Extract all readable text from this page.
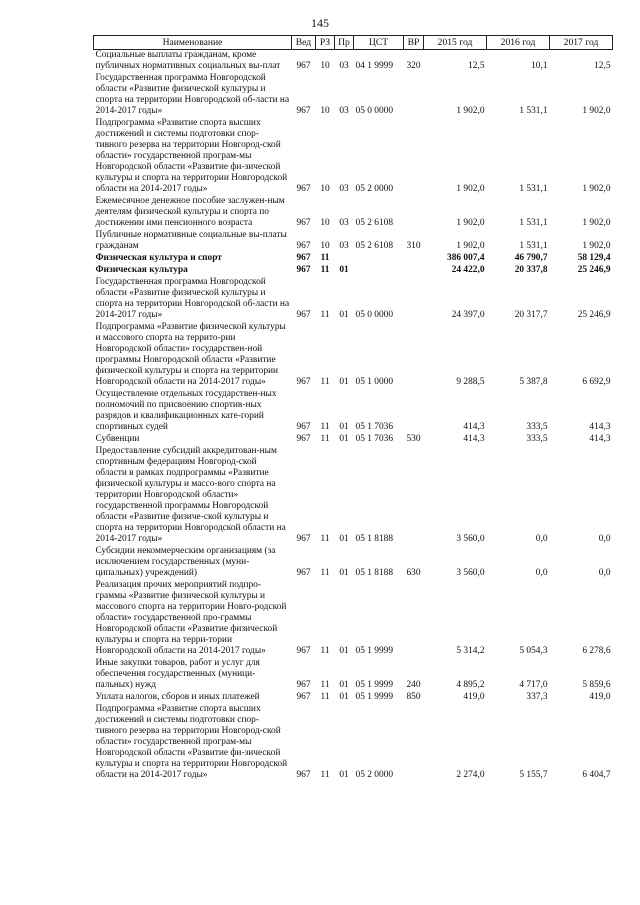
145
Наименование	Вед	РЗ	Пр	ЦСТ	ВР	2015 год	2016 год	2017 год
Социальные выплаты гражданам, кроме публичных нормативных социальных вы-плат	967	10	03	04 1 9999	320	12,5	10,1	12,5
Государственная программа Новгородской области «Развитие физической культуры и спорта на территории Новгородской об-ласти на 2014-2017 годы»	967	10	03	05 0 0000		1 902,0	1 531,1	1 902,0
Подпрограмма «Развитие спорта высших достижений и системы подготовки спор-тивного резерва на территории Новгород-ской области» государственной програм-мы Новгородской области «Развитие фи-зической культуры и спорта на территории Новгородской области на 2014-2017 годы»	967	10	03	05 2 0000		1 902,0	1 531,1	1 902,0
Ежемесячное денежное пособие заслужен-ным деятелям физической культуры и спорта по достижении ими пенсионного возраста	967	10	03	05 2 6108		1 902,0	1 531,1	1 902,0
Публичные нормативные социальные вы-платы гражданам	967	10	03	05 2 6108	310	1 902,0	1 531,1	1 902,0
Физическая культура и спорт	967	11				386 007,4	46 790,7	58 129,4
Физическая культура	967	11	01			24 422,0	20 337,8	25 246,9
Государственная программа Новгородской области «Развитие физической культуры и спорта на территории Новгородской об-ласти на 2014-2017 годы»	967	11	01	05 0 0000		24 397,0	20 317,7	25 246,9
Подпрограмма «Развитие физической культуры и массового спорта на террито-рии Новгородской области» государствен-ной программы Новгородской области «Развитие физической культуры и спорта на территории Новгородской области на 2014-2017 годы»	967	11	01	05 1 0000		9 288,5	5 387,8	6 692,9
Осуществление отдельных государствен-ных полномочий по присвоению спортив-ных разрядов и квалификационных кате-горий спортивных судей	967	11	01	05 1 7036		414,3	333,5	414,3
Субвенции	967	11	01	05 1 7036	530	414,3	333,5	414,3
Предоставление субсидий аккредитован-ным спортивным федерациям Новгород-ской области в рамках подпрограммы «Развитие физической культуры и массо-вого спорта на территории Новгородской области» государственной программы Новгородской области «Развитие физиче-ской культуры и спорта на территории Новгородской области на 2014-2017 годы»	967	11	01	05 1 8188		3 560,0	0,0	0,0
Субсидии некоммерческим организациям (за исключением государственных (муни-ципальных) учреждений)	967	11	01	05 1 8188	630	3 560,0	0,0	0,0
Реализация прочих мероприятий подпро-граммы «Развитие физической культуры и массового спорта на территории Новго-родской области» государственной про-граммы Новгородской области «Развитие физической культуры и спорта на терри-тории Новгородской области на 2014-2017 годы»	967	11	01	05 1 9999		5 314,2	5 054,3	6 278,6
Иные закупки товаров, работ и услуг для обеспечения государственных (муници-пальных) нужд	967	11	01	05 1 9999	240	4 895,2	4 717,0	5 859,6
Уплата налогов, сборов и иных платежей	967	11	01	05 1 9999	850	419,0	337,3	419,0
Подпрограмма «Развитие спорта высших достижений и системы подготовки спор-тивного резерва на территории Новгород-ской области» государственной програм-мы Новгородской области «Развитие фи-зической культуры и спорта на территории Новгородской области на 2014-2017 годы»	967	11	01	05 2 0000		2 274,0	5 155,7	6 404,7
